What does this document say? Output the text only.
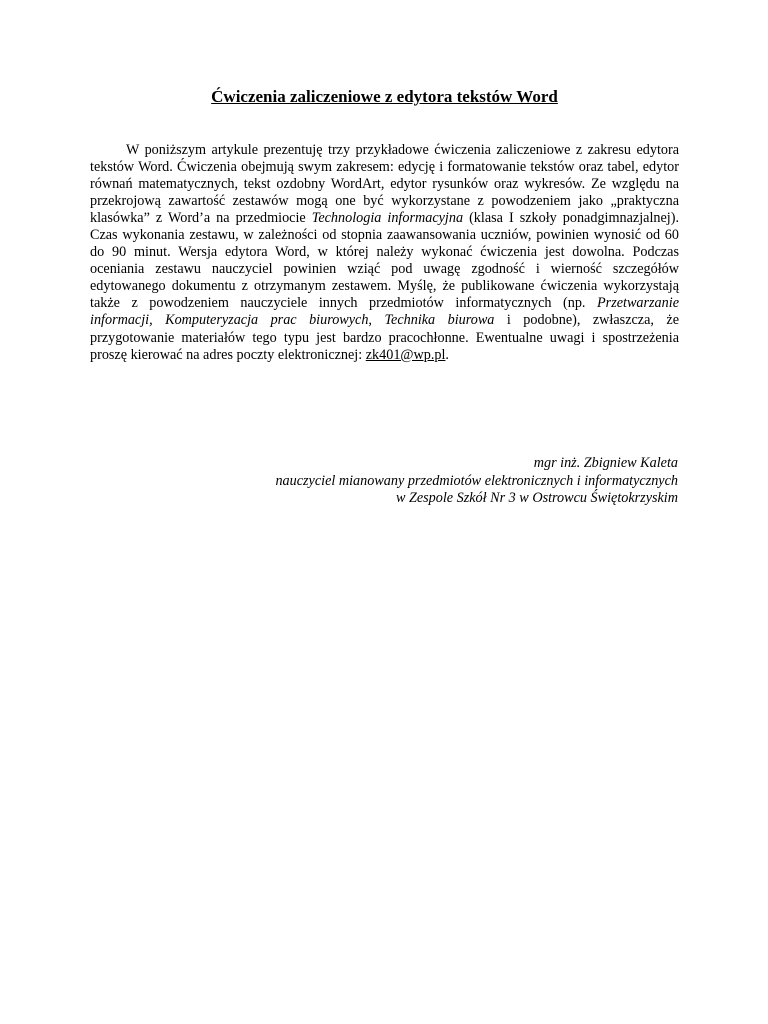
Ćwiczenia zaliczeniowe z edytora tekstów Word

W poniższym artykule prezentuję trzy przykładowe ćwiczenia zaliczeniowe z zakresu edytora tekstów Word. Ćwiczenia obejmują swym zakresem: edycję i formatowanie tekstów oraz tabel, edytor równań matematycznych, tekst ozdobny WordArt, edytor rysunków oraz wykresów. Ze względu na przekrojową zawartość zestawów mogą one być wykorzystane z powodzeniem jako „praktyczna klasówka” z Word’a na przedmiocie Technologia informacyjna (klasa I szkoły ponadgimnazjalnej). Czas wykonania zestawu, w zależności od stopnia zaawansowania uczniów, powinien wynosić od 60 do 90 minut. Wersja edytora Word, w której należy wykonać ćwiczenia jest dowolna. Podczas oceniania zestawu nauczyciel powinien wziąć pod uwagę zgodność i wierność szczegółów edytowanego dokumentu z otrzymanym zestawem. Myślę, że publikowane ćwiczenia wykorzystają także z powodzeniem nauczyciele innych przedmiotów informatycznych (np. Przetwarzanie informacji, Komputeryzacja prac biurowych, Technika biurowa i podobne), zwłaszcza, że przygotowanie materiałów tego typu jest bardzo pracochłonne. Ewentualne uwagi i spostrzeżenia proszę kierować na adres poczty elektronicznej: zk401@wp.pl.

mgr inż. Zbigniew Kaleta
nauczyciel mianowany przedmiotów elektronicznych i informatycznych
w Zespole Szkół Nr 3 w Ostrowcu Świętokrzyskim
